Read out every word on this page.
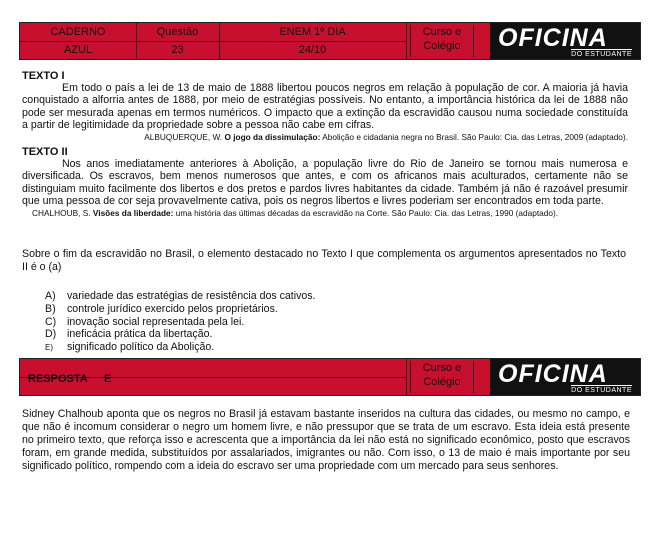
CADERNO
AZUL
Questão
23
ENEM 1º DIA
24/10
Curso e
Colégio	OFICINA
DO ESTUDANTE
TEXTO I

Em todo o país a lei de 13 de maio de 1888 libertou poucos negros em relação à população de cor. A maioria já havia conquistado a alforria antes de 1888, por meio de estratégias possíveis. No entanto, a importância histórica da lei de 1888 não pode ser mesurada apenas em termos numéricos. O impacto que a extinção da escravidão causou numa sociedade constituída a partir de legitimidade da propriedade sobre a pessoa não cabe em cifras.

ALBUQUERQUE, W. O jogo da dissimulação: Abolição e cidadania negra no Brasil. São Paulo: Cia. das Letras, 2009 (adaptado).

TEXTO II

Nos anos imediatamente anteriores à Abolição, a população livre do Rio de Janeiro se tornou mais numerosa e diversificada. Os escravos, bem menos numerosos que antes, e com os africanos mais aculturados, certamente não se distinguiam muito facilmente dos libertos e dos pretos e pardos livres habitantes da cidade. Também já não é razoável presumir que uma pessoa de cor seja provavelmente cativa, pois os negros libertos e livres poderiam ser encontrados em toda parte.

CHALHOUB, S. Visões da liberdade: uma história das últimas décadas da escravidão na Corte. São Paulo: Cia. das Letras, 1990 (adaptado).

Sobre o fim da escravidão no Brasil, o elemento destacado no Texto I que complementa os argumentos apresentados no Texto II é o (a)

A) variedade das estratégias de resistência dos cativos.
B) controle jurídico exercido pelos proprietários.
C) inovação social representada pela lei.
D) ineficácia prática da libertação.
E) significado político da Abolição.
RESPOSTA E
Curso e
Colégio	OFICINA
DO ESTUDANTE

Sidney Chalhoub aponta que os negros no Brasil já estavam bastante inseridos na cultura das cidades, ou mesmo no campo, e que não é incomum considerar o negro um homem livre, e não pressupor que se trata de um escravo. Esta ideia está presente no primeiro texto, que reforça isso e acrescenta que a importância da lei não está no significado econômico, posto que escravos foram, em grande medida, substituídos por assalariados, imigrantes ou não. Com isso, o 13 de maio é mais importante por seu significado político, rompendo com a ideia do escravo ser uma propriedade com um mercado para seus senhores.
